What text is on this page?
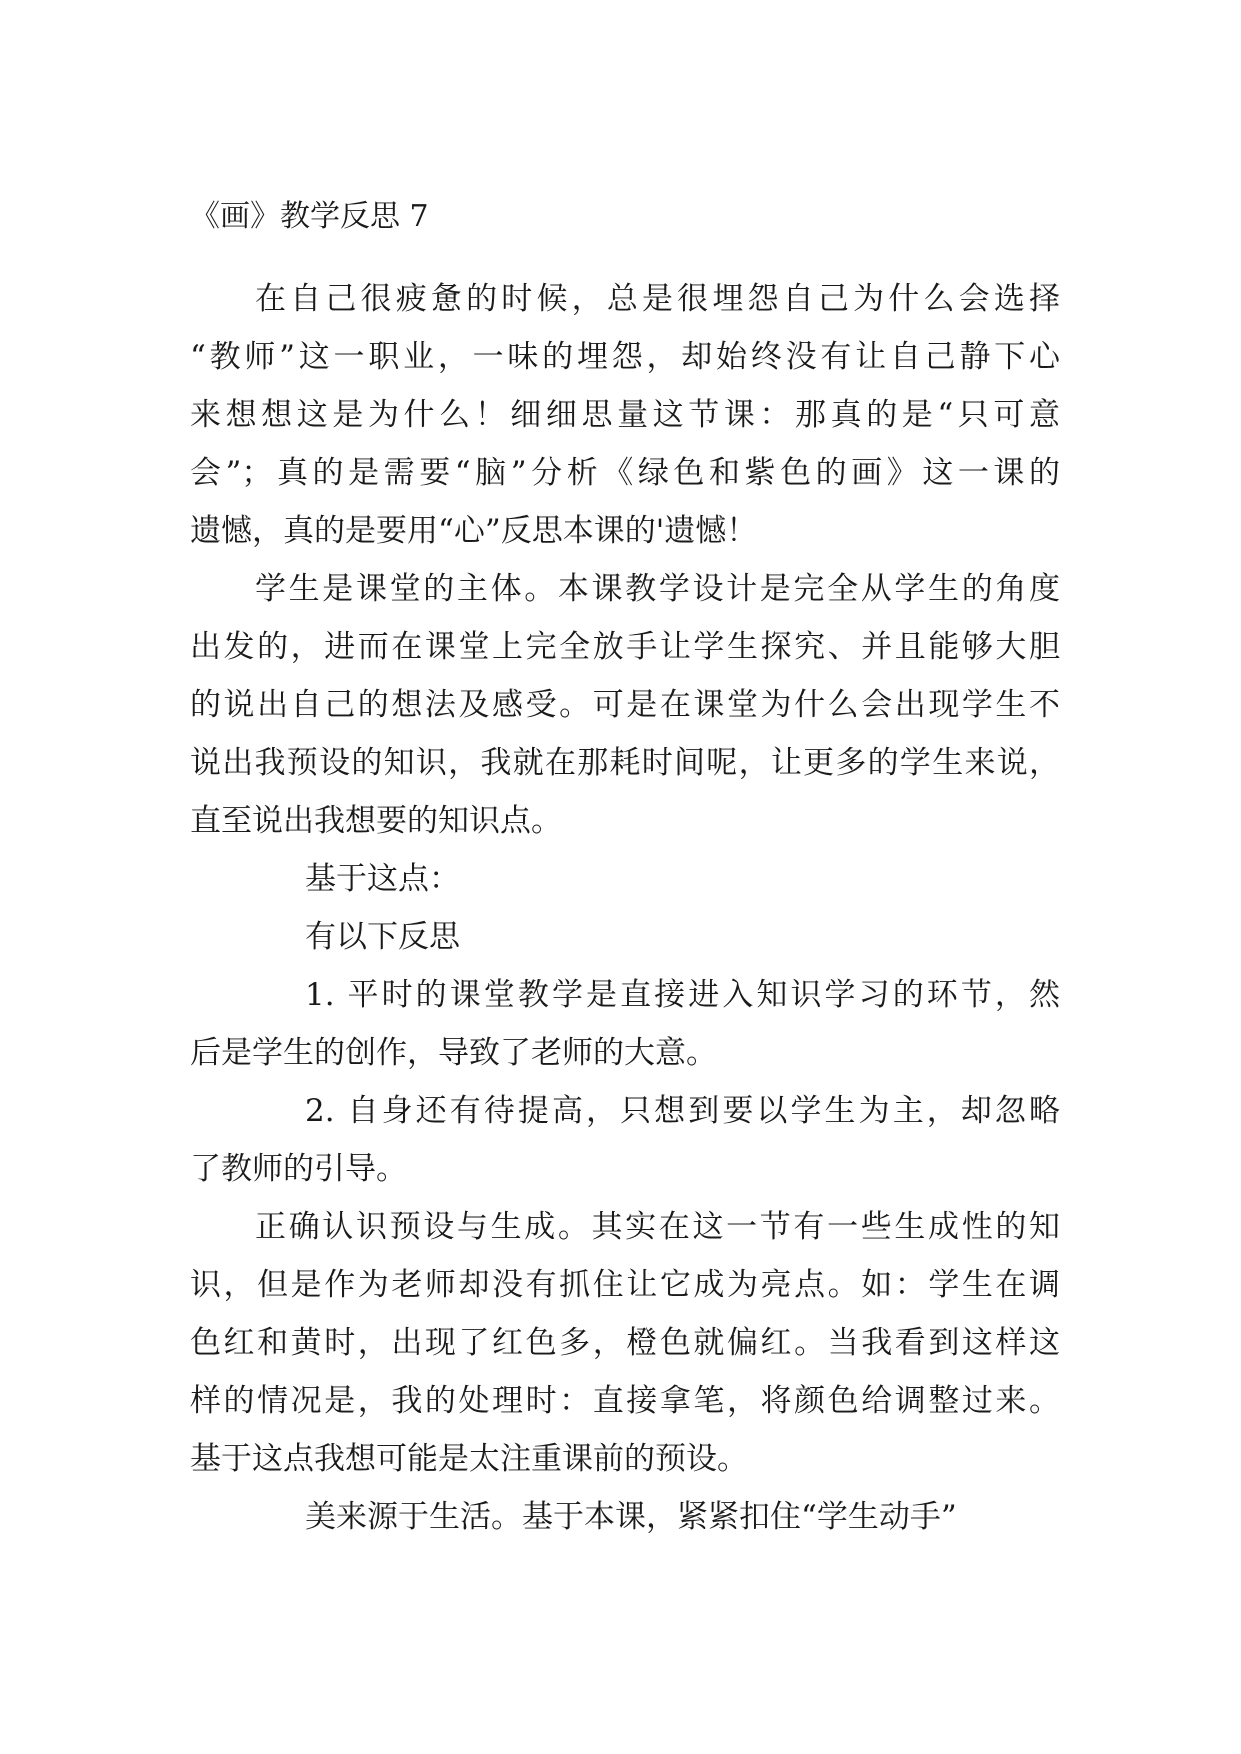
《画》教学反思 7
在自己很疲惫的时候，总是很埋怨自己为什么会选择
“教师”这一职业，一味的埋怨，却始终没有让自己静下心
来想想这是为什么！细细思量这节课：那真的是“只可意
会”；真的是需要“脑”分析《绿色和紫色的画》这一课的
遗憾，真的是要用“心”反思本课的'遗憾！
学生是课堂的主体。本课教学设计是完全从学生的角度
出发的，进而在课堂上完全放手让学生探究、并且能够大胆
的说出自己的想法及感受。可是在课堂为什么会出现学生不
说出我预设的知识，我就在那耗时间呢，让更多的学生来说，
直至说出我想要的知识点。
基于这点：
有以下反思
1. 平时的课堂教学是直接进入知识学习的环节，然
后是学生的创作，导致了老师的大意。
2. 自身还有待提高，只想到要以学生为主，却忽略
了教师的引导。
正确认识预设与生成。其实在这一节有一些生成性的知
识，但是作为老师却没有抓住让它成为亮点。如：学生在调
色红和黄时，出现了红色多，橙色就偏红。当我看到这样这
样的情况是，我的处理时：直接拿笔，将颜色给调整过来。
基于这点我想可能是太注重课前的预设。
美来源于生活。基于本课，紧紧扣住“学生动手”
